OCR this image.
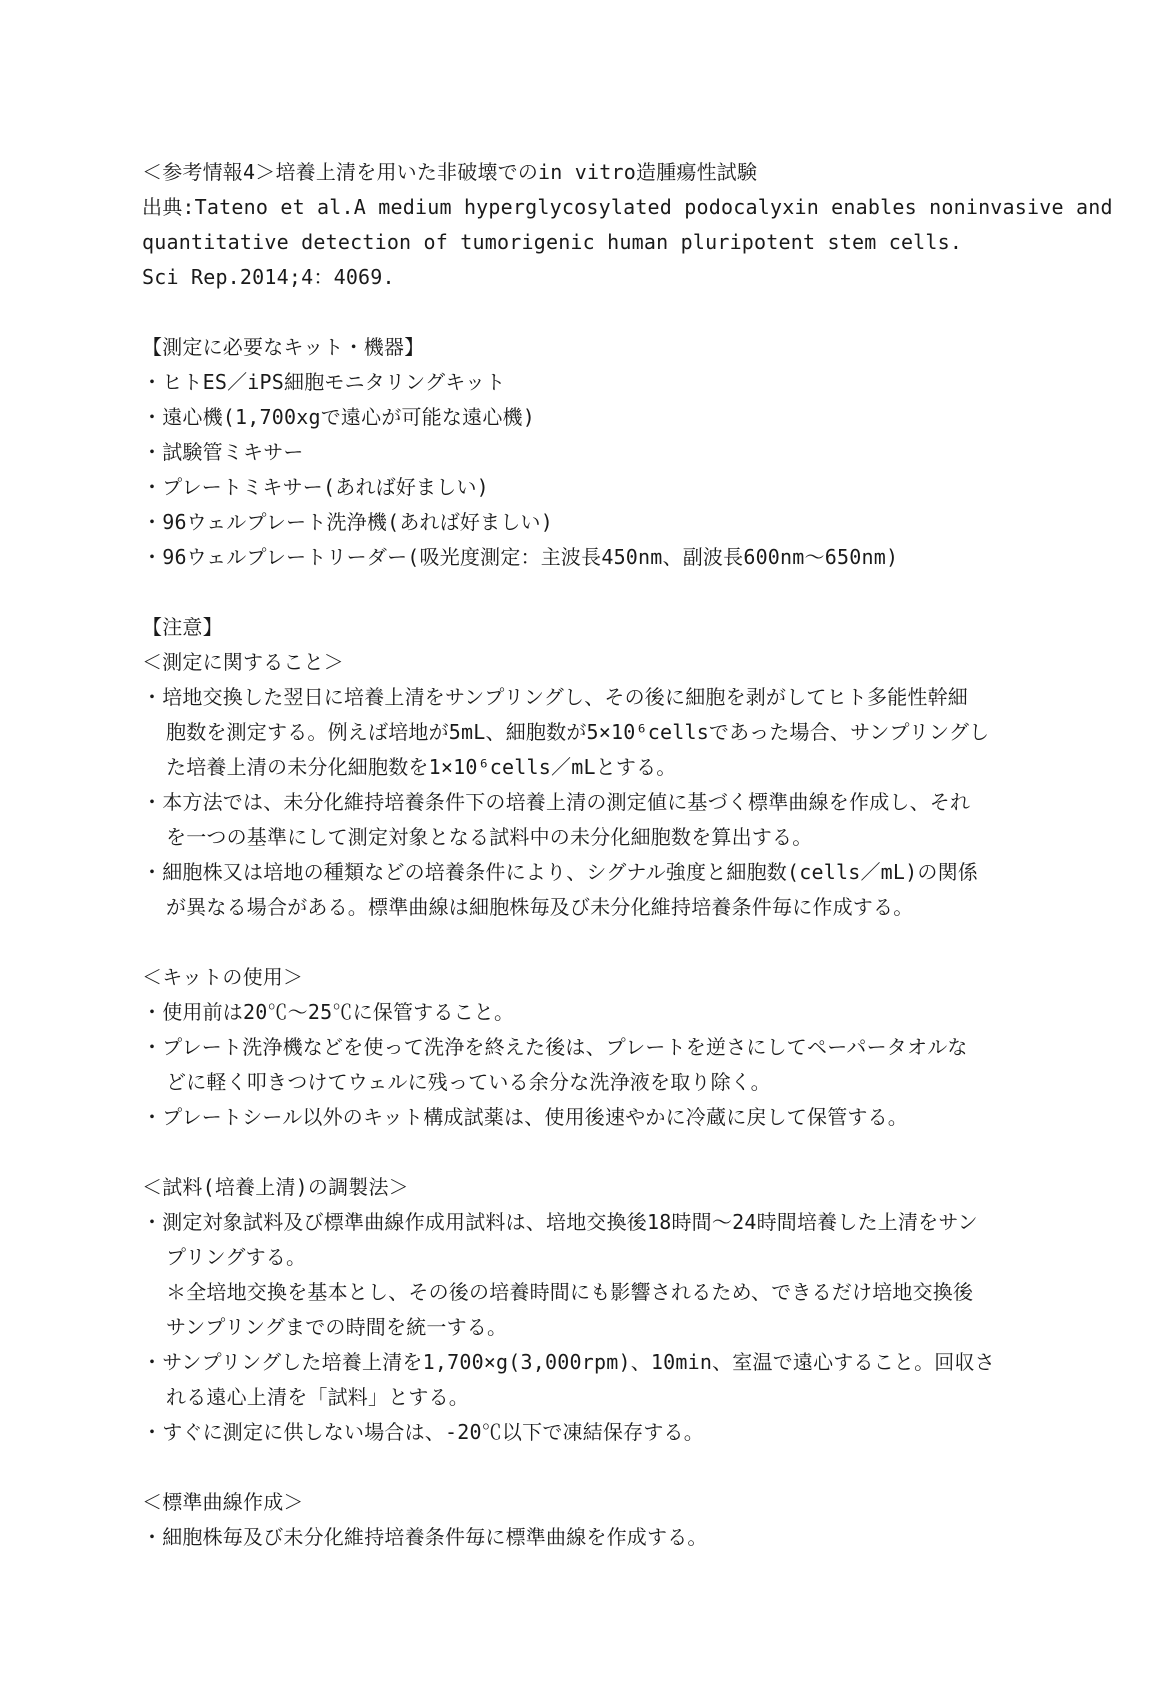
＜参考情報4＞培養上清を用いた非破壊でのin vitro造腫瘍性試験
出典:Tateno et al.A medium hyperglycosylated podocalyxin enables noninvasive and
quantitative detection of tumorigenic human pluripotent stem cells.
Sci Rep.2014;4：4069.
【測定に必要なキット・機器】
・ヒトES／iPS細胞モニタリングキット
・遠心機(1,700xgで遠心が可能な遠心機)
・試験管ミキサー
・プレートミキサー(あれば好ましい)
・96ウェルプレート洗浄機(あれば好ましい)
・96ウェルプレートリーダー(吸光度測定：主波長450nm、副波長600nm～650nm)
【注意】
＜測定に関すること＞
・培地交換した翌日に培養上清をサンプリングし、その後に細胞を剥がしてヒト多能性幹細
胞数を測定する。例えば培地が5mL、細胞数が5×10⁶cellsであった場合、サンプリングし
た培養上清の未分化細胞数を1×10⁶cells／mLとする。
・本方法では、未分化維持培養条件下の培養上清の測定値に基づく標準曲線を作成し、それ
を一つの基準にして測定対象となる試料中の未分化細胞数を算出する。
・細胞株又は培地の種類などの培養条件により、シグナル強度と細胞数(cells／mL)の関係
が異なる場合がある。標準曲線は細胞株毎及び未分化維持培養条件毎に作成する。
＜キットの使用＞
・使用前は20℃～25℃に保管すること。
・プレート洗浄機などを使って洗浄を終えた後は、プレートを逆さにしてペーパータオルな
どに軽く叩きつけてウェルに残っている余分な洗浄液を取り除く。
・プレートシール以外のキット構成試薬は、使用後速やかに冷蔵に戻して保管する。
＜試料(培養上清)の調製法＞
・測定対象試料及び標準曲線作成用試料は、培地交換後18時間～24時間培養した上清をサン
プリングする。
＊全培地交換を基本とし、その後の培養時間にも影響されるため、できるだけ培地交換後
サンプリングまでの時間を統一する。
・サンプリングした培養上清を1,700×g(3,000rpm)、10min、室温で遠心すること。回収さ
れる遠心上清を「試料」とする。
・すぐに測定に供しない場合は、-20℃以下で凍結保存する。
＜標準曲線作成＞
・細胞株毎及び未分化維持培養条件毎に標準曲線を作成する。
